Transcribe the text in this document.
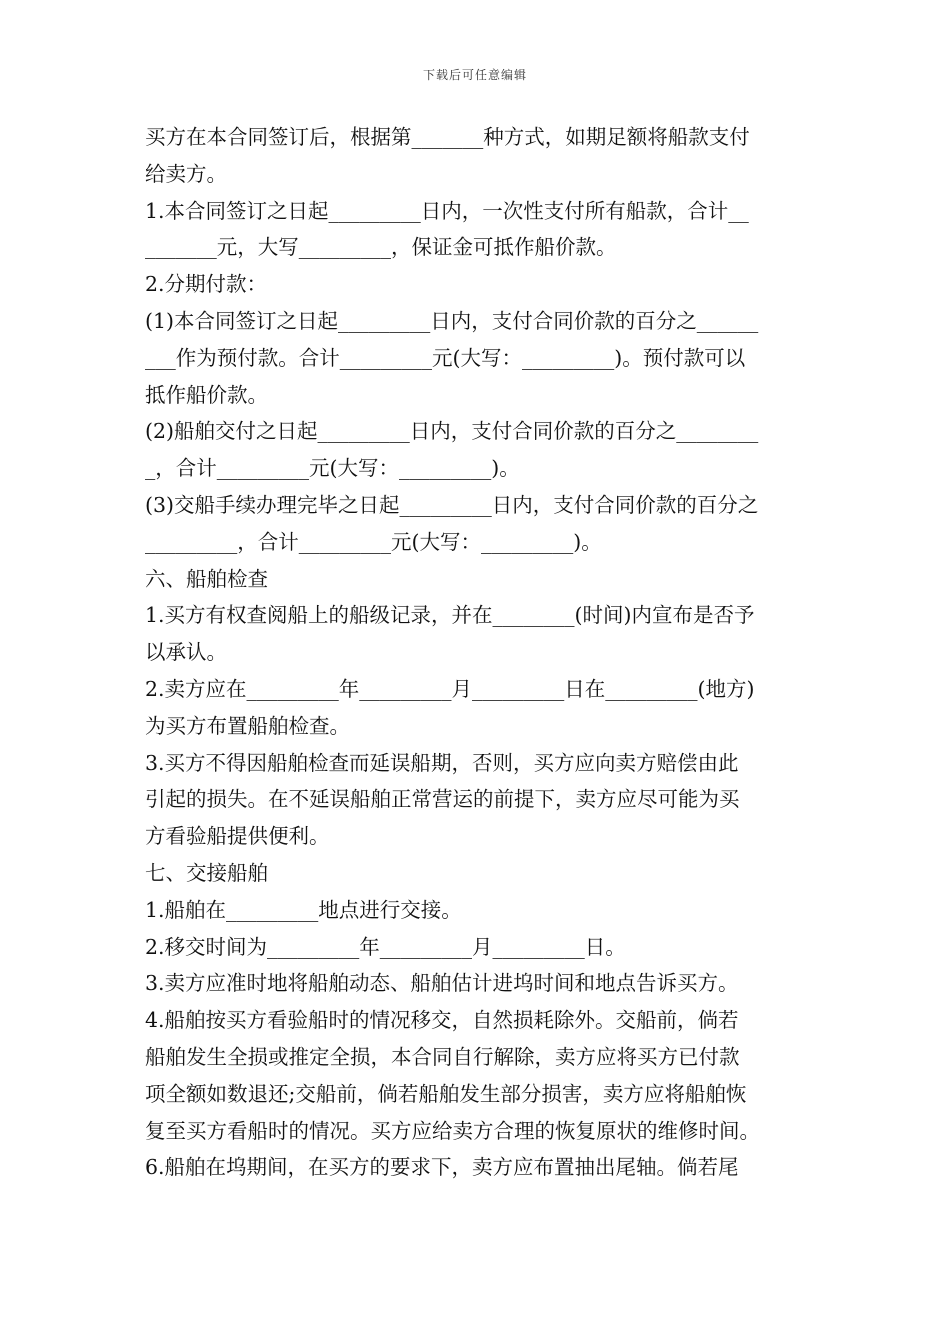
下载后可任意编辑
买方在本合同签订后，根据第_______种方式，如期足额将船款支付
给卖方。
1.本合同签订之日起_________日内，一次性支付所有船款，合计__
_______元，大写_________，保证金可抵作船价款。
2.分期付款：
(1)本合同签订之日起_________日内，支付合同价款的百分之______
___作为预付款。合计_________元(大写：_________)。预付款可以
抵作船价款。
(2)船舶交付之日起_________日内，支付合同价款的百分之________
_，合计_________元(大写：_________)。
(3)交船手续办理完毕之日起_________日内，支付合同价款的百分之
_________，合计_________元(大写：_________)。
六、船舶检查
1.买方有权查阅船上的船级记录，并在________(时间)内宣布是否予
以承认。
2.卖方应在_________年_________月_________日在_________(地方)
为买方布置船舶检查。
3.买方不得因船舶检查而延误船期，否则，买方应向卖方赔偿由此
引起的损失。在不延误船舶正常营运的前提下，卖方应尽可能为买
方看验船提供便利。
七、交接船舶
1.船舶在_________地点进行交接。
2.移交时间为_________年_________月_________日。
3.卖方应准时地将船舶动态、船舶估计进坞时间和地点告诉买方。
4.船舶按买方看验船时的情况移交，自然损耗除外。交船前，倘若
船舶发生全损或推定全损，本合同自行解除，卖方应将买方已付款
项全额如数退还;交船前，倘若船舶发生部分损害，卖方应将船舶恢
复至买方看船时的情况。买方应给卖方合理的恢复原状的维修时间。
6.船舶在坞期间，在买方的要求下，卖方应布置抽出尾轴。倘若尾
